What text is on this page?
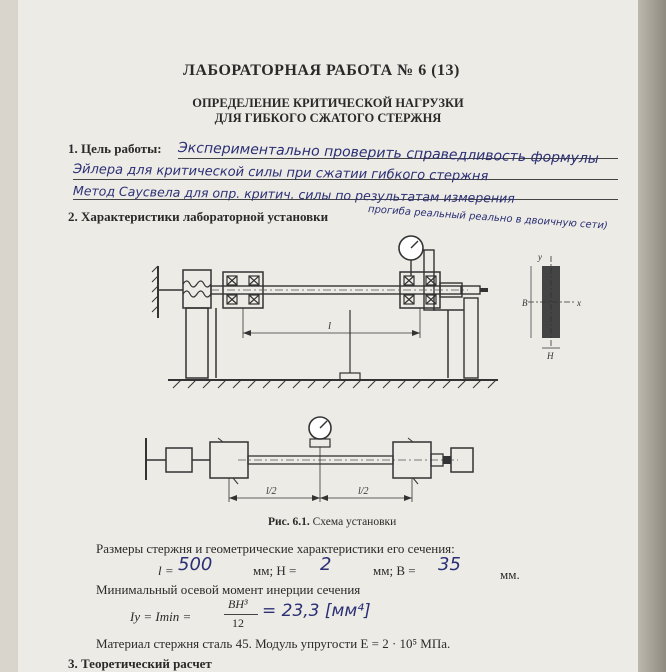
ЛАБОРАТОРНАЯ РАБОТА № 6 (13)
ОПРЕДЕЛЕНИЕ КРИТИЧЕСКОЙ НАГРУЗКИ
ДЛЯ ГИБКОГО СЖАТОГО СТЕРЖНЯ
1. Цель работы: Экспериментально проверить справедливость формулы
Эйлера для критической силы при сжатии гибкого стержня
Метод Саусвела для опр. критич. силы по результатам измерения
прогиба реальный реально в двоичную сети)
2. Характеристики лабораторной установки
l
y
x
B
H
l/2	l/2
Рис. 6.1. Схема установки
Размеры стержня и геометрические характеристики его сечения:
l = 500	мм; H = 2	мм; B = 35	мм.
Минимальный осевой момент инерции сечения
Iy = Imin =
BH³
12
= 23,3 [мм⁴]
Материал стержня сталь 45. Модуль упругости E = 2 · 10⁵ МПа.
3. Теоретический расчет
